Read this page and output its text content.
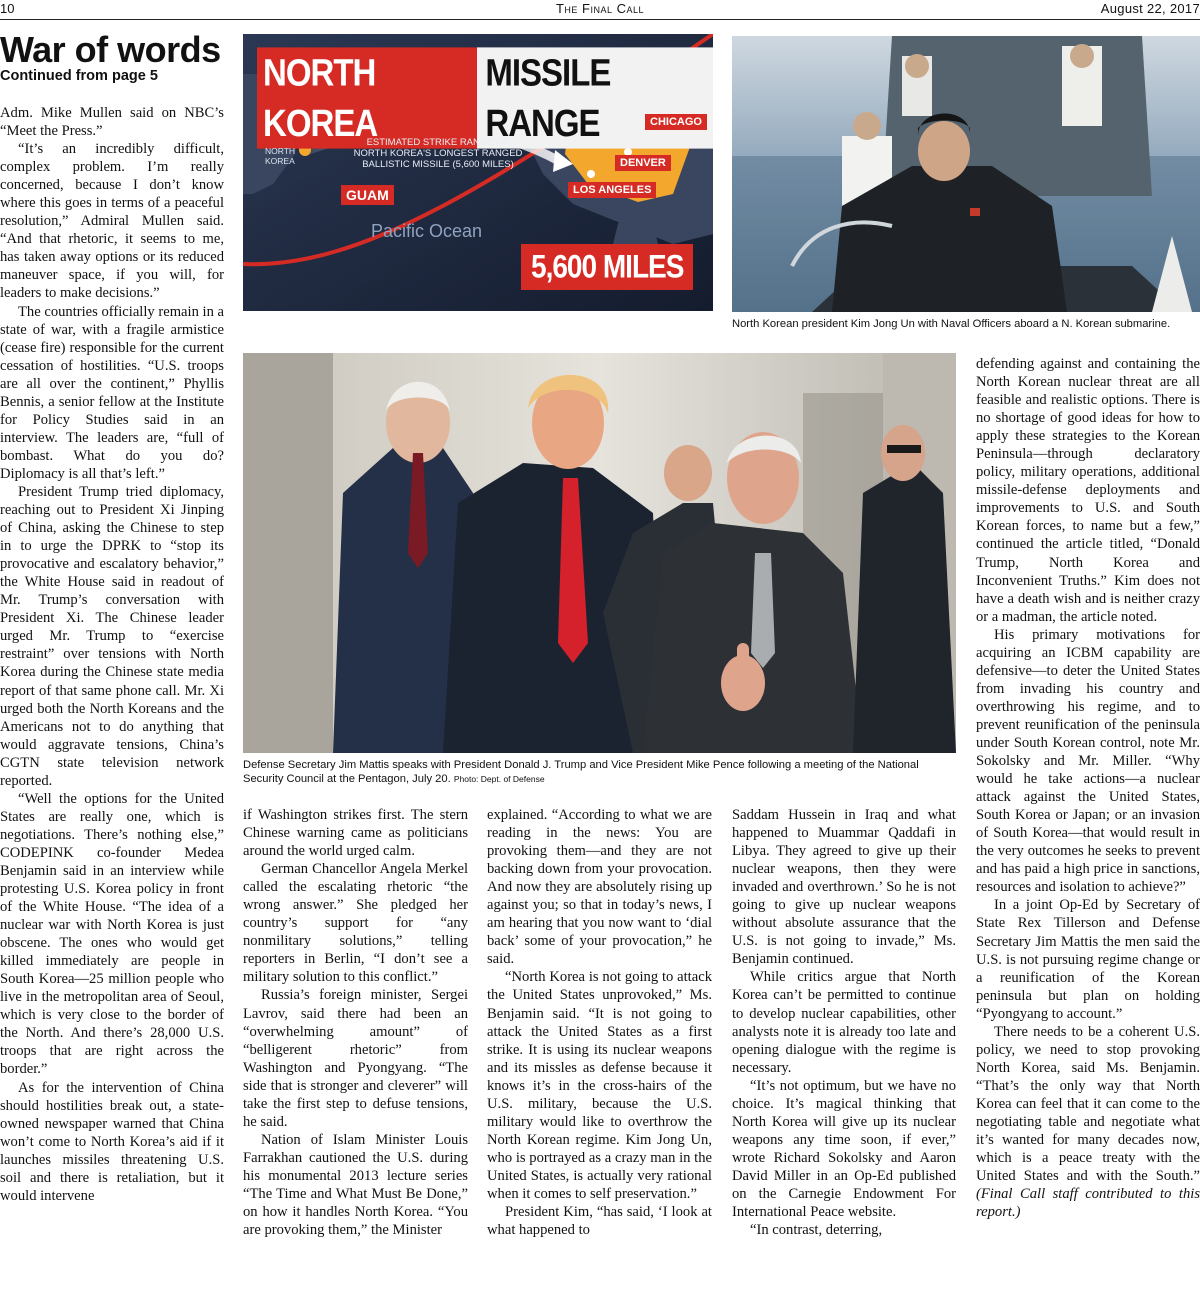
10	The Final Call	August 22, 2017
War of words
Continued from page 5

Adm. Mike Mullen said on NBC’s “Meet the Press.”

“It’s an incredibly difficult, complex problem. I’m really concerned, because I don’t know where this goes in terms of a peaceful resolution,” Admiral Mullen said. “And that rhetoric, it seems to me, has taken away options or its reduced maneuver space, if you will, for leaders to make decisions.”

The countries officially remain in a state of war, with a fragile armistice (cease fire) responsible for the current cessation of hostilities. “U.S. troops are all over the continent,” Phyllis Bennis, a senior fellow at the Institute for Policy Studies said in an interview. The leaders are, “full of bombast. What do you do? Diplomacy is all that’s left.”

President Trump tried diplomacy, reaching out to President Xi Jinping of China, asking the Chinese to step in to urge the DPRK to “stop its provocative and escalatory behavior,” the White House said in readout of Mr. Trump’s conversation with President Xi. The Chinese leader urged Mr. Trump to “exercise restraint” over tensions with North Korea during the Chinese state media report of that same phone call. Mr. Xi urged both the North Koreans and the Americans not to do anything that would aggravate tensions, China’s CGTN state television network reported.

“Well the options for the United States are really one, which is negotiations. There’s nothing else,” CODEPINK co-founder Medea Benjamin said in an interview while protesting U.S. Korea policy in front of the White House. “The idea of a nuclear war with North Korea is just obscene. The ones who would get killed immediately are people in South Korea—25 million people who live in the metropolitan area of Seoul, which is very close to the border of the North. And there’s 28,000 U.S. troops that are right across the border.”

As for the intervention of China should hostilities break out, a state-owned newspaper warned that China won’t come to North Korea’s aid if it launches missiles threatening U.S. soil and there is retaliation, but it would intervene

NORTH KOREA
MISSILE RANGE
NORTH KOREA
ESTIMATED STRIKE RANGE OF NORTH KOREA'S LONGEST RANGED BALLISTIC MISSILE (5,600 MILES)
GUAM
Pacific Ocean
CHICAGO
DENVER
LOS ANGELES
5,600 MILES
North Korean president Kim Jong Un with Naval Officers aboard a N. Korean submarine.
Defense Secretary Jim Mattis speaks with President Donald J. Trump and Vice President Mike Pence following a meeting of the National Security Council at the Pentagon, July 20. Photo: Dept. of Defense

if Washington strikes first. The stern Chinese warning came as politicians around the world urged calm.

German Chancellor Angela Merkel called the escalating rhetoric “the wrong answer.” She pledged her country’s support for “any nonmilitary solutions,” telling reporters in Berlin, “I don’t see a military solution to this conflict.”

Russia’s foreign minister, Sergei Lavrov, said there had been an “overwhelming amount” of “belligerent rhetoric” from Washington and Pyongyang. “The side that is stronger and cleverer” will take the first step to defuse tensions, he said.

Nation of Islam Minister Louis Farrakhan cautioned the U.S. during his monumental 2013 lecture series “The Time and What Must Be Done,” on how it handles North Korea. “You are provoking them,” the Minister

explained. “According to what we are reading in the news: You are provoking them—and they are not backing down from your provocation. And now they are absolutely rising up against you; so that in today’s news, I am hearing that you now want to ‘dial back’ some of your provocation,” he said.

“North Korea is not going to attack the United States unprovoked,” Ms. Benjamin said. “It is not going to attack the United States as a first strike. It is using its nuclear weapons and its missles as defense because it knows it’s in the cross-hairs of the U.S. military, because the U.S. military would like to overthrow the North Korean regime. Kim Jong Un, who is portrayed as a crazy man in the United States, is actually very rational when it comes to self preservation.”

President Kim, “has said, ‘I look at what happened to

Saddam Hussein in Iraq and what happened to Muammar Qaddafi in Libya. They agreed to give up their nuclear weapons, then they were invaded and overthrown.’ So he is not going to give up nuclear weapons without absolute assurance that the U.S. is not going to invade,” Ms. Benjamin continued.

While critics argue that North Korea can’t be permitted to continue to develop nuclear capabilities, other analysts note it is already too late and opening dialogue with the regime is necessary.

“It’s not optimum, but we have no choice. It’s magical thinking that North Korea will give up its nuclear weapons any time soon, if ever,” wrote Richard Sokolsky and Aaron David Miller in an Op-Ed published on the Carnegie Endowment For International Peace website.

“In contrast, deterring,

defending against and containing the North Korean nuclear threat are all feasible and realistic options. There is no shortage of good ideas for how to apply these strategies to the Korean Peninsula—through declaratory policy, military operations, additional missile-defense deployments and improvements to U.S. and South Korean forces, to name but a few,” continued the article titled, “Donald Trump, North Korea and Inconvenient Truths.” Kim does not have a death wish and is neither crazy or a madman, the article noted.

His primary motivations for acquiring an ICBM capability are defensive—to deter the United States from invading his country and overthrowing his regime, and to prevent reunification of the peninsula under South Korean control, note Mr. Sokolsky and Mr. Miller. “Why would he take actions—a nuclear attack against the United States, South Korea or Japan; or an invasion of South Korea—that would result in the very outcomes he seeks to prevent and has paid a high price in sanctions, resources and isolation to achieve?”

In a joint Op-Ed by Secretary of State Rex Tillerson and Defense Secretary Jim Mattis the men said the U.S. is not pursuing regime change or a reunification of the Korean peninsula but plan on holding “Pyongyang to account.”

There needs to be a coherent U.S. policy, we need to stop provoking North Korea, said Ms. Benjamin. “That’s the only way that North Korea can feel that it can come to the negotiating table and negotiate what it’s wanted for many decades now, which is a peace treaty with the United States and with the South.” (Final Call staff contributed to this report.)
